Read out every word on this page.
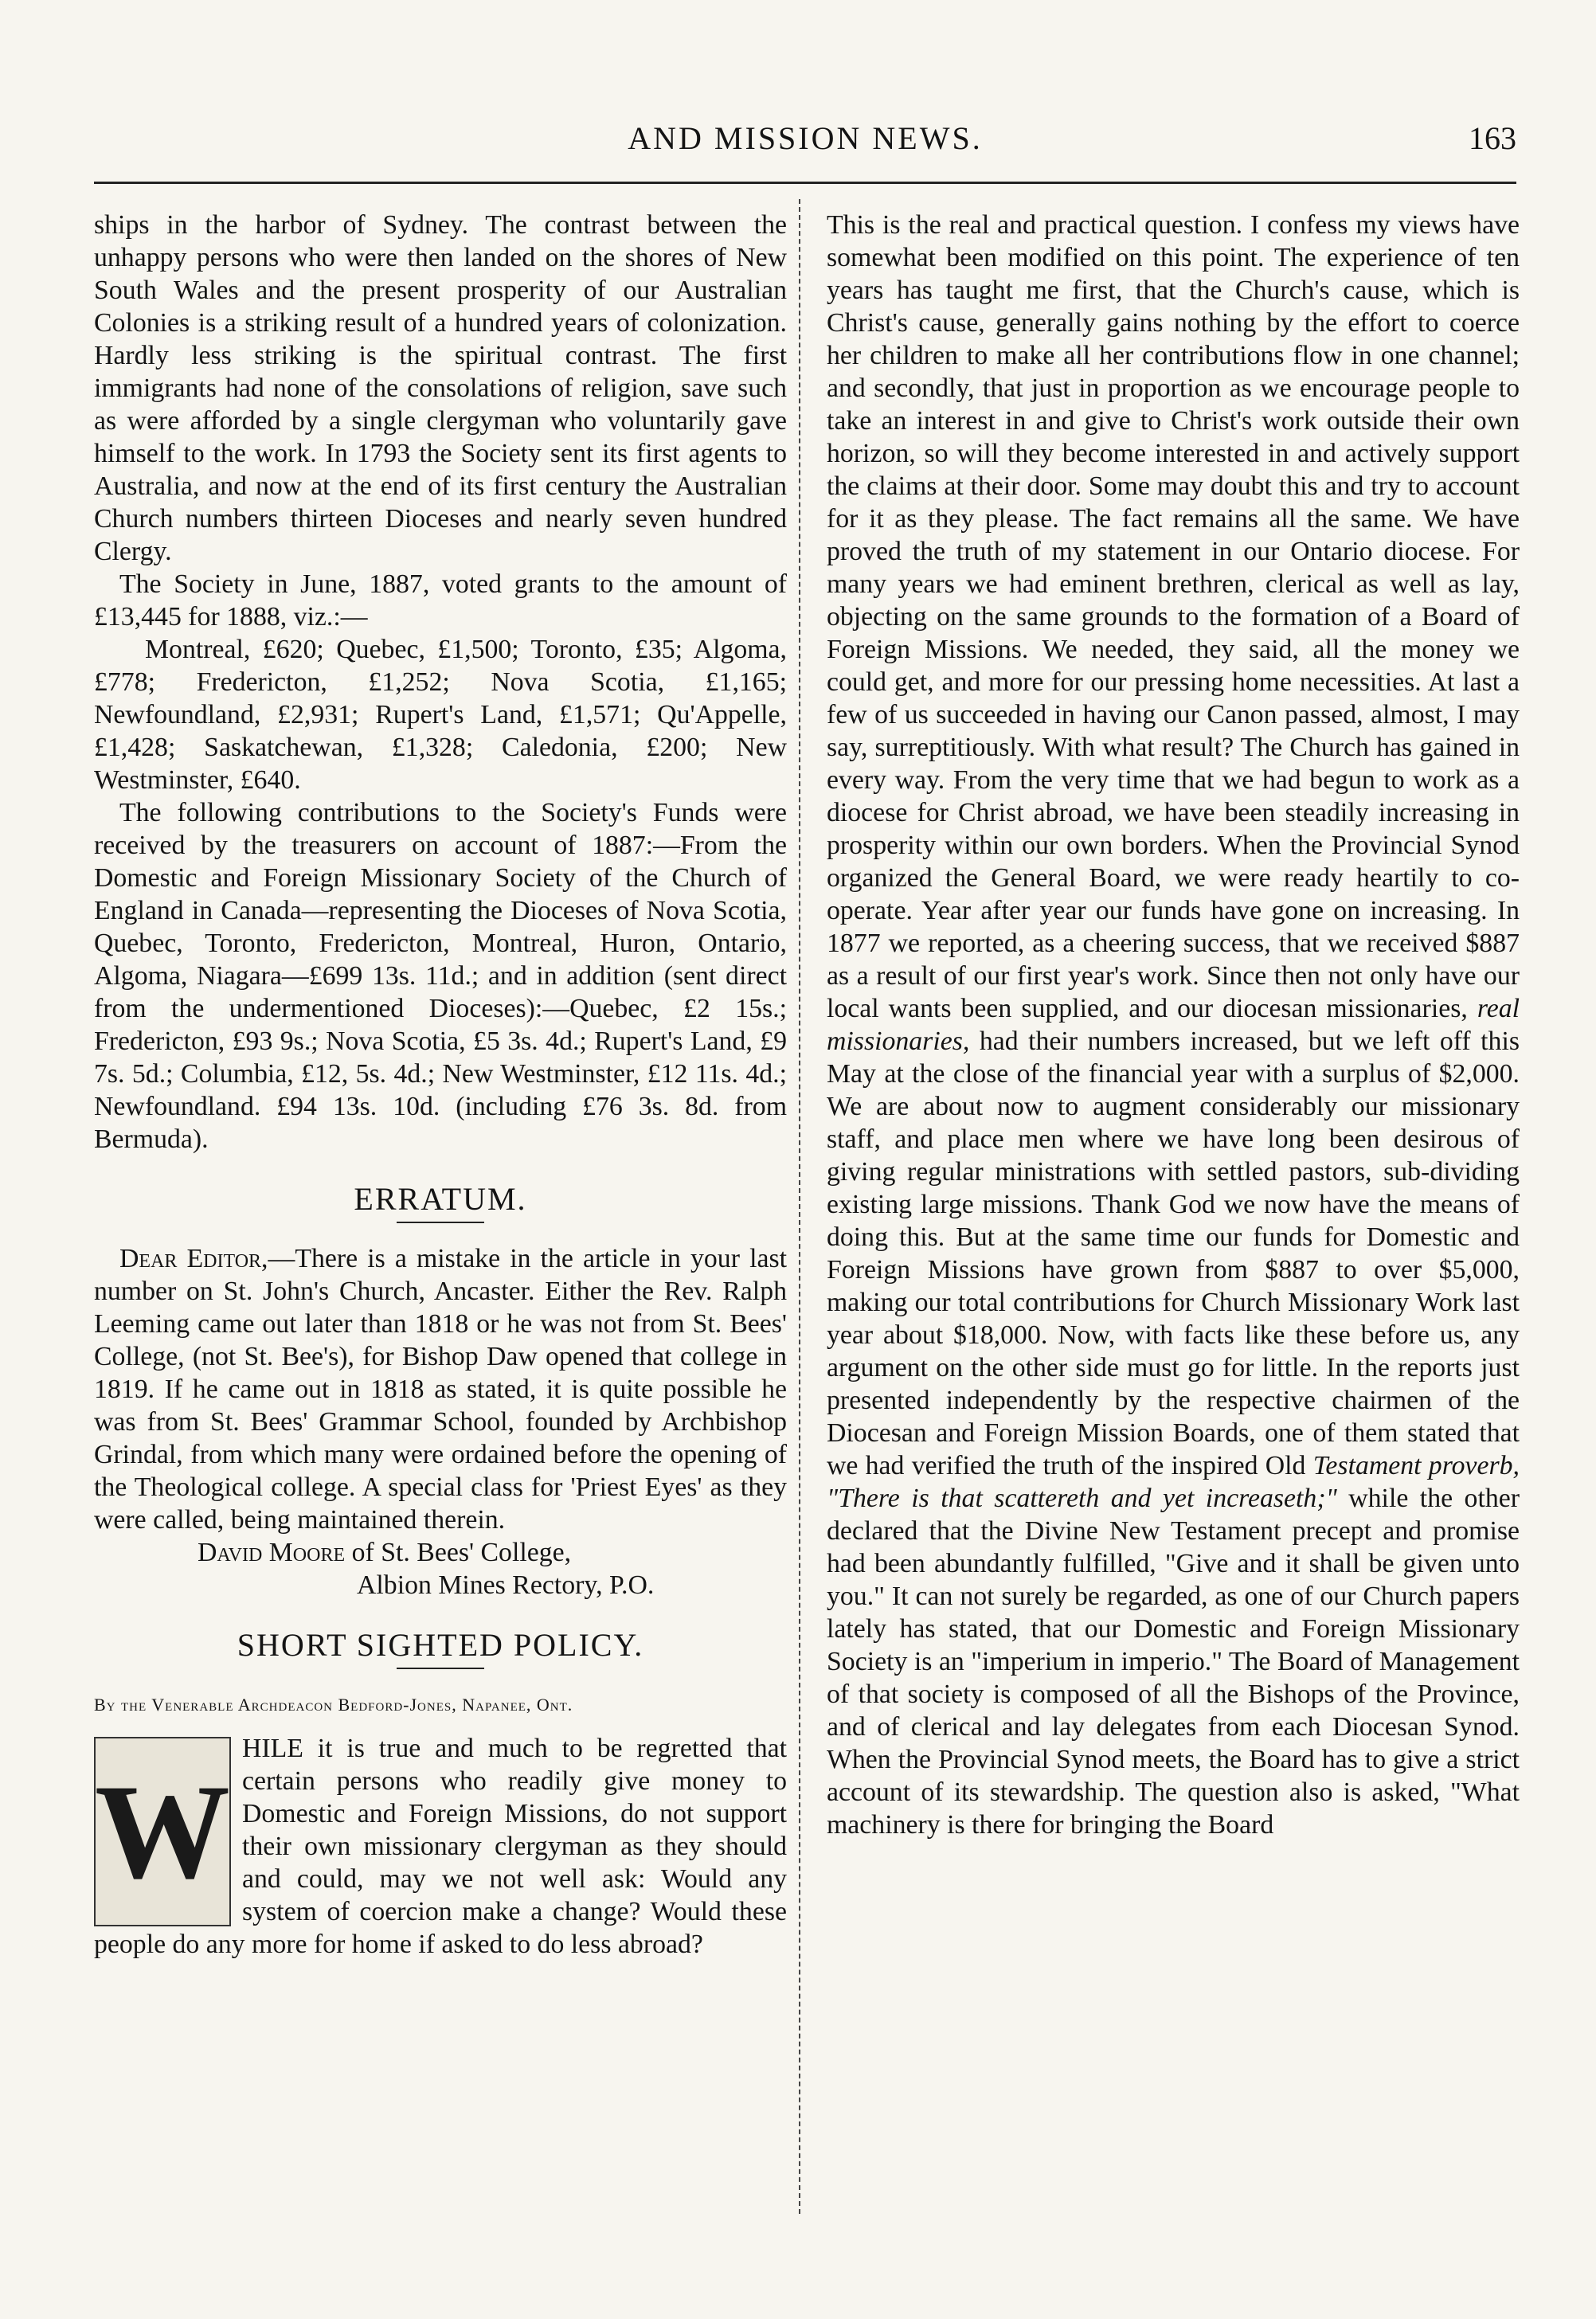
AND MISSION NEWS.	163

ships in the harbor of Sydney. The contrast between the unhappy persons who were then landed on the shores of New South Wales and the present prosperity of our Australian Colonies is a striking result of a hundred years of colonization. Hardly less striking is the spiritual contrast. The first immigrants had none of the consolations of religion, save such as were afforded by a single clergyman who voluntarily gave himself to the work. In 1793 the Society sent its first agents to Australia, and now at the end of its first century the Australian Church numbers thirteen Dioceses and nearly seven hundred Clergy.

The Society in June, 1887, voted grants to the amount of £13,445 for 1888, viz.:—

Montreal, £620; Quebec, £1,500; Toronto, £35; Algoma, £778; Fredericton, £1,252; Nova Scotia, £1,165; Newfoundland, £2,931; Rupert's Land, £1,571; Qu'Appelle, £1,428; Saskatchewan, £1,328; Caledonia, £200; New Westminster, £640.

The following contributions to the Society's Funds were received by the treasurers on account of 1887:—From the Domestic and Foreign Missionary Society of the Church of England in Canada—representing the Dioceses of Nova Scotia, Quebec, Toronto, Fredericton, Montreal, Huron, Ontario, Algoma, Niagara—£699 13s. 11d.; and in addition (sent direct from the undermentioned Dioceses):—Quebec, £2 15s.; Fredericton, £93 9s.; Nova Scotia, £5 3s. 4d.; Rupert's Land, £9 7s. 5d.; Columbia, £12, 5s. 4d.; New Westminster, £12 11s. 4d.; Newfoundland. £94 13s. 10d. (including £76 3s. 8d. from Bermuda).

ERRATUM.

Dear Editor,—There is a mistake in the article in your last number on St. John's Church, Ancaster. Either the Rev. Ralph Leeming came out later than 1818 or he was not from St. Bees' College, (not St. Bee's), for Bishop Daw opened that college in 1819. If he came out in 1818 as stated, it is quite possible he was from St. Bees' Grammar School, founded by Archbishop Grindal, from which many were ordained before the opening of the Theological college. A special class for 'Priest Eyes' as they were called, being maintained therein.

David Moore of St. Bees' College,

Albion Mines Rectory, P.O.

SHORT SIGHTED POLICY.

By the Venerable Archdeacon Bedford-Jones, Napanee, Ont.

W

HILE it is true and much to be regretted that certain persons who readily give money to Domestic and Foreign Missions, do not support their own missionary clergyman as they should and could, may we not well ask: Would any system of coercion make a change? Would these people do any more for home if asked to do less abroad?

This is the real and practical question. I confess my views have somewhat been modified on this point. The experience of ten years has taught me first, that the Church's cause, which is Christ's cause, generally gains nothing by the effort to coerce her children to make all her contributions flow in one channel; and secondly, that just in proportion as we encourage people to take an interest in and give to Christ's work outside their own horizon, so will they become interested in and actively support the claims at their door. Some may doubt this and try to account for it as they please. The fact remains all the same. We have proved the truth of my statement in our Ontario diocese. For many years we had eminent brethren, clerical as well as lay, objecting on the same grounds to the formation of a Board of Foreign Missions. We needed, they said, all the money we could get, and more for our pressing home necessities. At last a few of us succeeded in having our Canon passed, almost, I may say, surreptitiously. With what result? The Church has gained in every way. From the very time that we had begun to work as a diocese for Christ abroad, we have been steadily increasing in prosperity within our own borders. When the Provincial Synod organized the General Board, we were ready heartily to co-operate. Year after year our funds have gone on increasing. In 1877 we reported, as a cheering success, that we received $887 as a result of our first year's work. Since then not only have our local wants been supplied, and our diocesan missionaries, real missionaries, had their numbers increased, but we left off this May at the close of the financial year with a surplus of $2,000. We are about now to augment considerably our missionary staff, and place men where we have long been desirous of giving regular ministrations with settled pastors, sub-dividing existing large missions. Thank God we now have the means of doing this. But at the same time our funds for Domestic and Foreign Missions have grown from $887 to over $5,000, making our total contributions for Church Missionary Work last year about $18,000. Now, with facts like these before us, any argument on the other side must go for little. In the reports just presented independently by the respective chairmen of the Diocesan and Foreign Mission Boards, one of them stated that we had verified the truth of the inspired Old Testament proverb, "There is that scattereth and yet increaseth;" while the other declared that the Divine New Testament precept and promise had been abundantly fulfilled, "Give and it shall be given unto you." It can not surely be regarded, as one of our Church papers lately has stated, that our Domestic and Foreign Missionary Society is an "imperium in imperio." The Board of Management of that society is composed of all the Bishops of the Province, and of clerical and lay delegates from each Diocesan Synod. When the Provincial Synod meets, the Board has to give a strict account of its stewardship. The question also is asked, "What machinery is there for bringing the Board
